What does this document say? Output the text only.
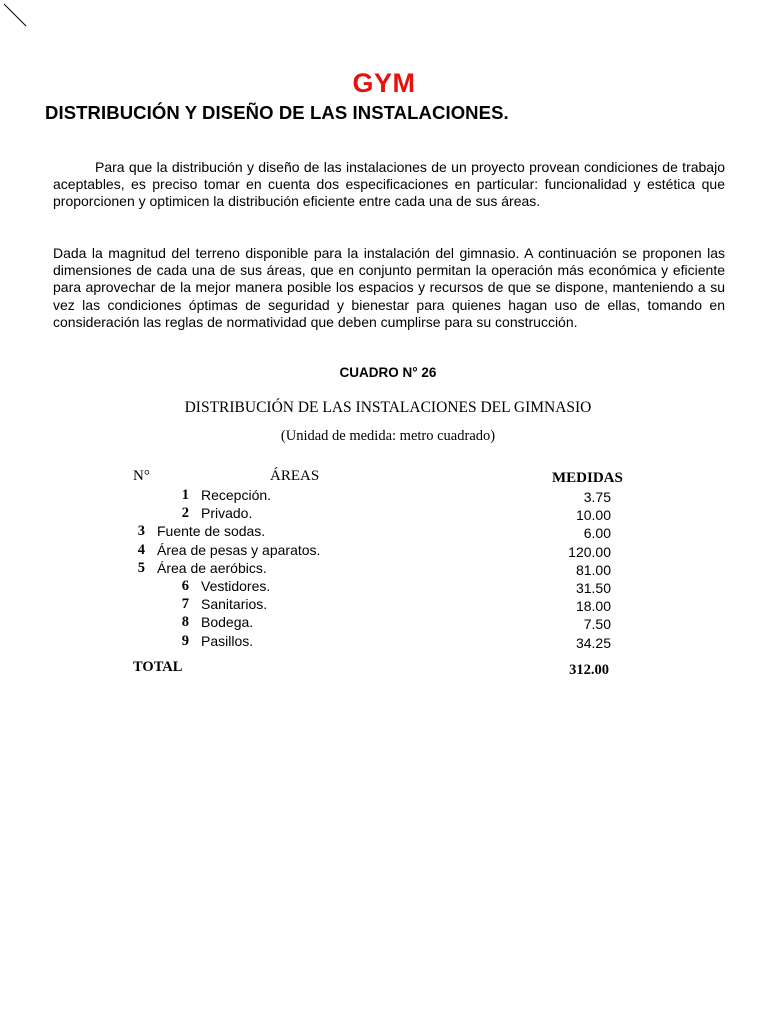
GYM
DISTRIBUCIÓN Y DISEÑO DE LAS INSTALACIONES.

Para que la distribución y diseño de las instalaciones de un proyecto provean condiciones de trabajo aceptables, es preciso tomar en cuenta dos especificaciones en particular: funcionalidad y estética que proporcionen y optimicen la distribución eficiente entre cada una de sus áreas.

Dada la magnitud del terreno disponible para la instalación del gimnasio. A continuación se proponen las dimensiones de cada una de sus áreas, que en conjunto permitan la operación más económica y eficiente para aprovechar de la mejor manera posible los espacios y recursos de que se dispone, manteniendo a su vez las condiciones óptimas de seguridad y bienestar para quienes hagan uso de ellas, tomando en consideración las reglas de normatividad que deben cumplirse para su construcción.

CUADRO N° 26
DISTRIBUCIÓN DE LAS INSTALACIONES DEL GIMNASIO
(Unidad de medida: metro cuadrado)
N°	ÁREAS	MEDIDAS
1 Recepción.	3.75
2 Privado.	10.00
3 Fuente de sodas.	6.00
4 Área de pesas y aparatos.	120.00
5 Área de aeróbics.	81.00
6 Vestidores.	31.50
7 Sanitarios.	18.00
8 Bodega.	7.50
9 Pasillos.	34.25
TOTAL	312.00
